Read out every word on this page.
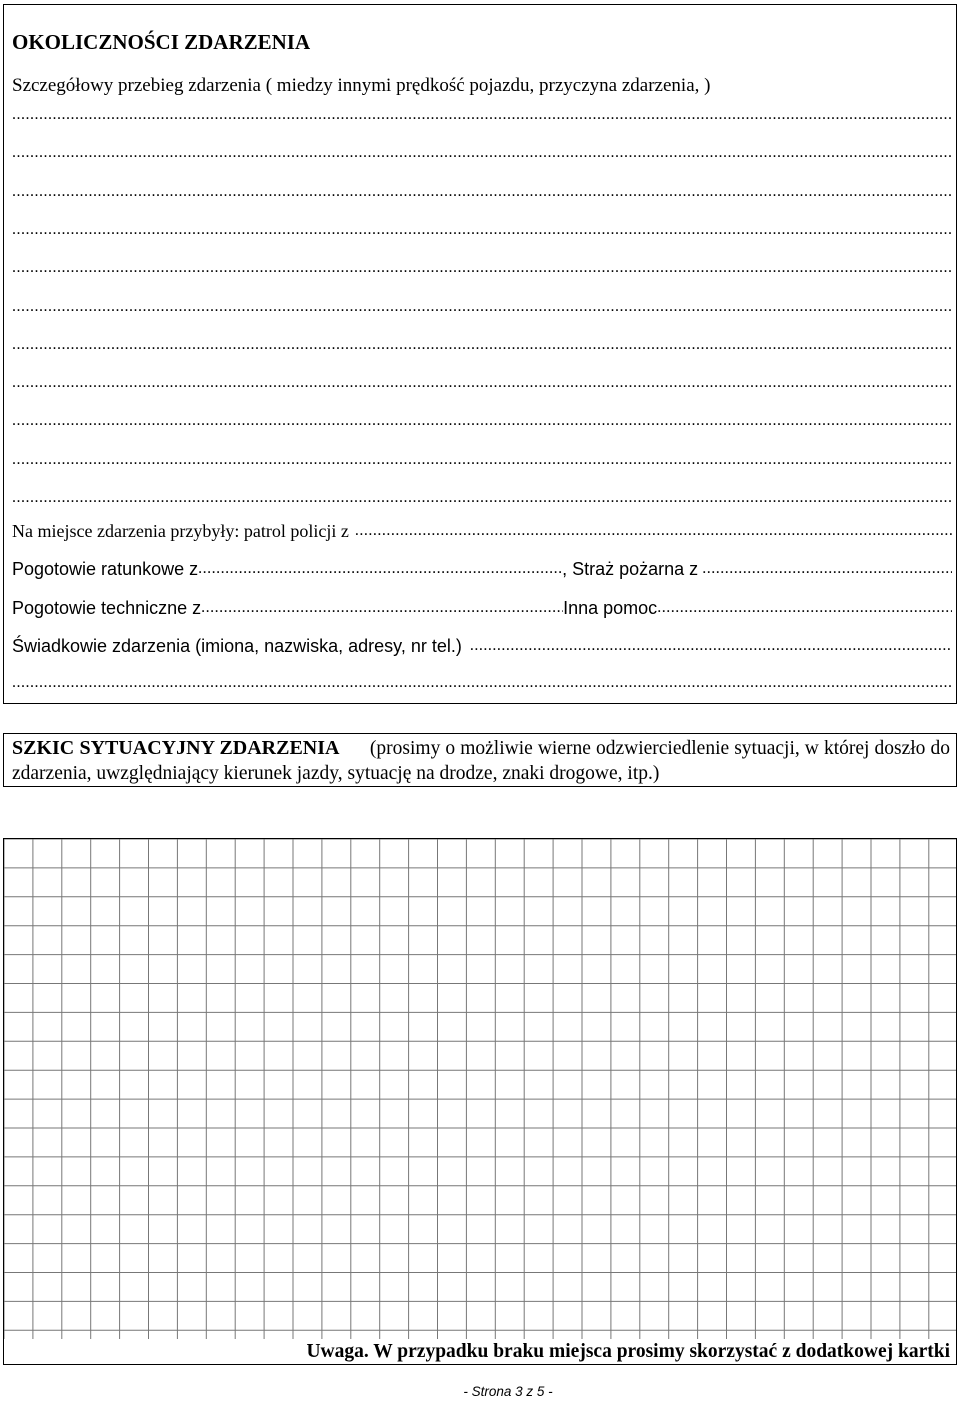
OKOLICZNOŚCI ZDARZENIA
Szczegółowy przebieg zdarzenia ( miedzy innymi prędkość pojazdu, przyczyna zdarzenia, )
.....
.....
.....
.....
.....
.....
.....
.....
.....
.....
.....
Na miejsce zdarzenia przybyły: patrol policji z
.....
Pogotowie ratunkowe z .....	, Straż pożarna z
.....
Pogotowie techniczne z .....	Inna pomoc
.....
Świadkowie zdarzenia (imiona, nazwiska, adresy, nr tel.)
.....
.....
SZKIC SYTUACYJNY ZDARZENIA (prosimy o możliwie wierne odzwierciedlenie sytuacji, w której doszło do zdarzenia, uwzględniający kierunek jazdy, sytuację na drodze, znaki drogowe, itp.)
Uwaga. W przypadku braku miejsca prosimy skorzystać z dodatkowej kartki
- Strona 3 z 5 -
